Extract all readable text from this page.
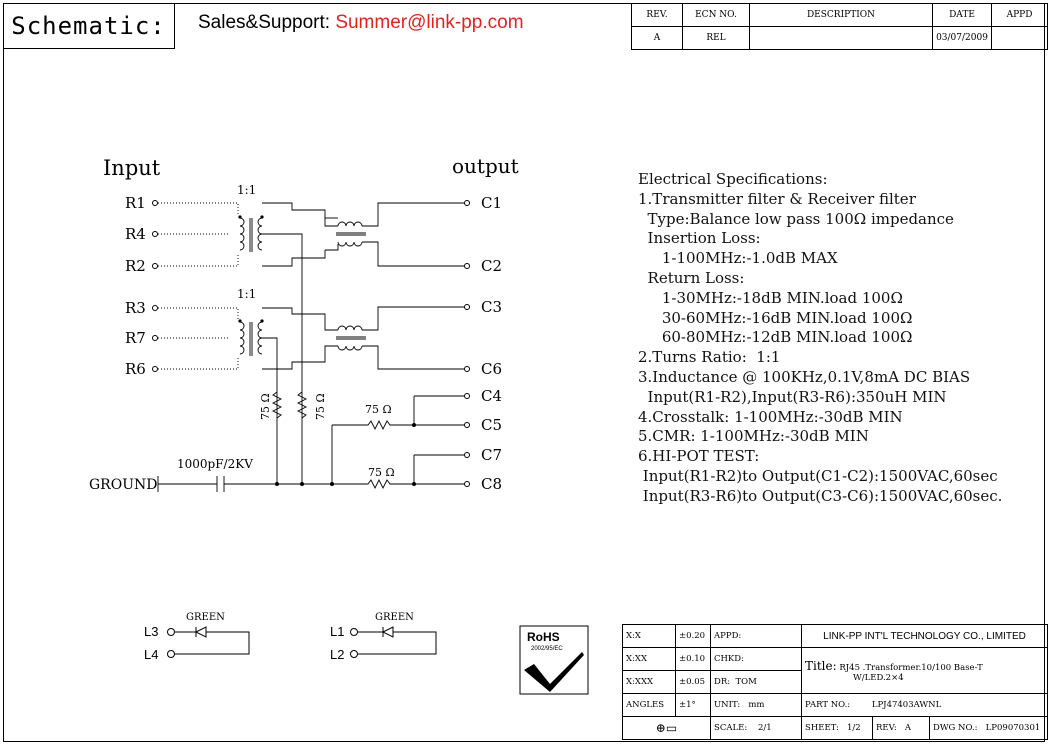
Schematic:	Sales&Support: Summer@link-pp.com	REV.	ECN NO.	DESCRIPTION	DATE	APPD
A	REL		03/07/2009	
Input	output
1:1
1:1
R1
R4
R2
R3
R7
R6
C1
C2
C3
C6
C4
C5
C7
C8
75 Ω	75 Ω	75 Ω
75 Ω
1000pF/2KV
GROUND
GREEN
L3
L4
GREEN
L1
L2
RoHS
2002/95/EC
Electrical Specifications:
1.Transmitter filter & Receiver filter
Type:Balance low pass 100Ω impedance
Insertion Loss:
1-100MHz:-1.0dB MAX
Return Loss:
1-30MHz:-18dB MIN.load 100Ω
30-60MHz:-16dB MIN.load 100Ω
60-80MHz:-12dB MIN.load 100Ω
2.Turns Ratio:  1:1
3.Inductance @ 100KHz,0.1V,8mA DC BIAS
Input(R1-R2),Input(R3-R6):350uH MIN
4.Crosstalk: 1-100MHz:-30dB MIN
5.CMR: 1-100MHz:-30dB MIN
6.HI-POT TEST:
Input(R1-R2)to Output(C1-C2):1500VAC,60sec
Input(R3-R6)to Output(C3-C6):1500VAC,60sec.
X:X	±0.20	APPD:	LINK-PP INT'L TECHNOLOGY CO., LIMITED		
X:XX	±0.10	CHKD:	Title: RJ45 .Transformer.10/100 Base-T
W/LED.2×4		
X:XXX	±0.05	DR: TOM			
ANGLES	±1°	UNIT: mm	PART NO.: LPJ47403AWNL		
⊕▭		SCALE: 2/1	SHEET: 1/2	REV: A	DWG NO.: LP09070301
